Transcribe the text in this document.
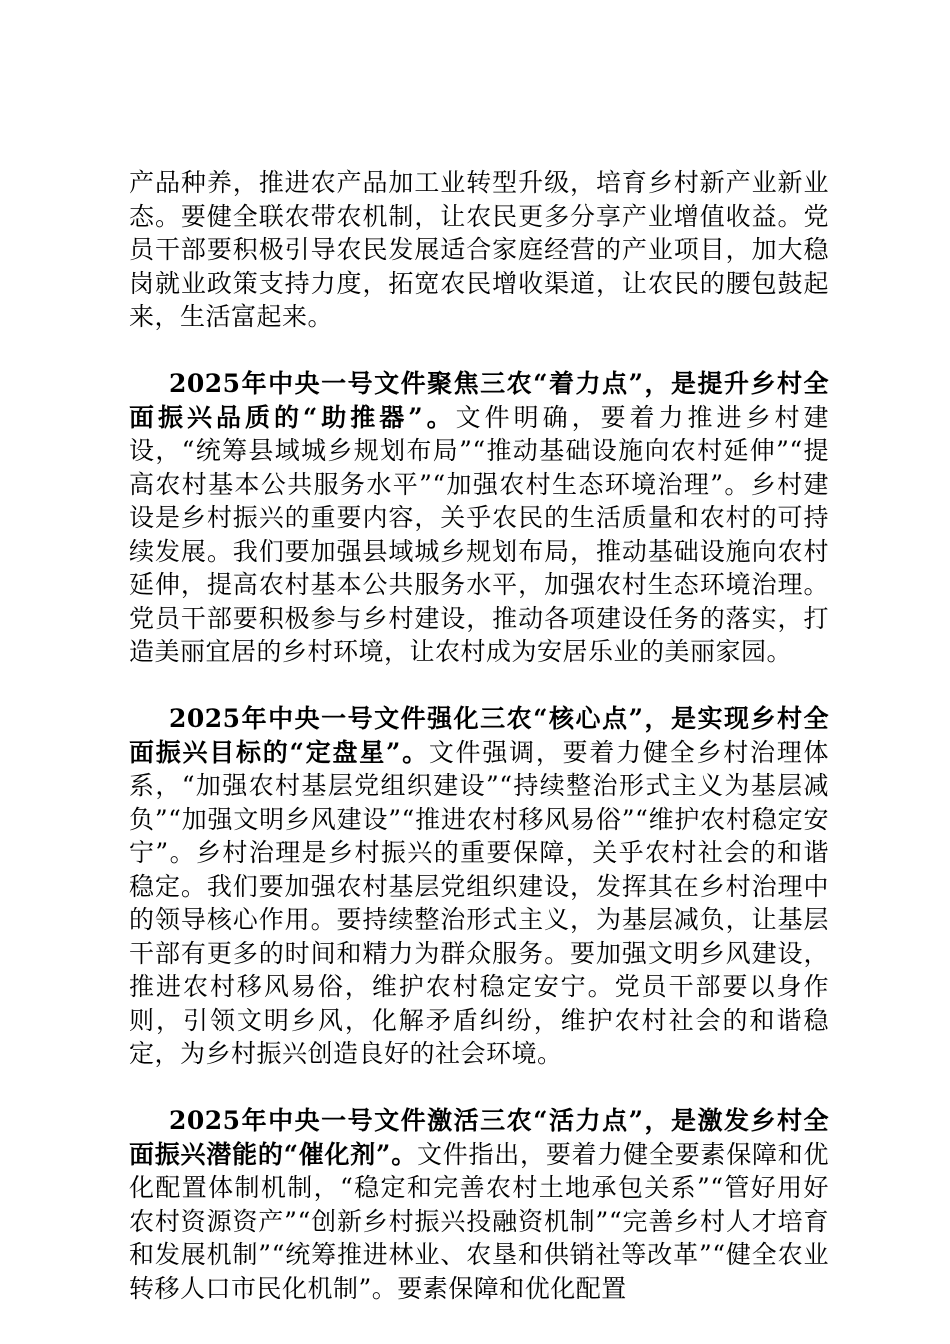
产品种养，推进农产品加工业转型升级，培育乡村新产业新业态。要健全联农带农机制，让农民更多分享产业增值收益。党员干部要积极引导农民发展适合家庭经营的产业项目，加大稳岗就业政策支持力度，拓宽农民增收渠道，让农民的腰包鼓起来，生活富起来。

2025年中央一号文件聚焦三农“着力点”，是提升乡村全面振兴品质的“助推器”。文件明确，要着力推进乡村建设，“统筹县域城乡规划布局”“推动基础设施向农村延伸”“提高农村基本公共服务水平”“加强农村生态环境治理”。乡村建设是乡村振兴的重要内容，关乎农民的生活质量和农村的可持续发展。我们要加强县域城乡规划布局，推动基础设施向农村延伸，提高农村基本公共服务水平，加强农村生态环境治理。党员干部要积极参与乡村建设，推动各项建设任务的落实，打造美丽宜居的乡村环境，让农村成为安居乐业的美丽家园。

2025年中央一号文件强化三农“核心点”，是实现乡村全面振兴目标的“定盘星”。文件强调，要着力健全乡村治理体系，“加强农村基层党组织建设”“持续整治形式主义为基层减负”“加强文明乡风建设”“推进农村移风易俗”“维护农村稳定安宁”。乡村治理是乡村振兴的重要保障，关乎农村社会的和谐稳定。我们要加强农村基层党组织建设，发挥其在乡村治理中的领导核心作用。要持续整治形式主义，为基层减负，让基层干部有更多的时间和精力为群众服务。要加强文明乡风建设，推进农村移风易俗，维护农村稳定安宁。党员干部要以身作则，引领文明乡风，化解矛盾纠纷，维护农村社会的和谐稳定，为乡村振兴创造良好的社会环境。

2025年中央一号文件激活三农“活力点”，是激发乡村全面振兴潜能的“催化剂”。文件指出，要着力健全要素保障和优化配置体制机制，“稳定和完善农村土地承包关系”“管好用好农村资源资产”“创新乡村振兴投融资机制”“完善乡村人才培育和发展机制”“统筹推进林业、农垦和供销社等改革”“健全农业转移人口市民化机制”。要素保障和优化配置
